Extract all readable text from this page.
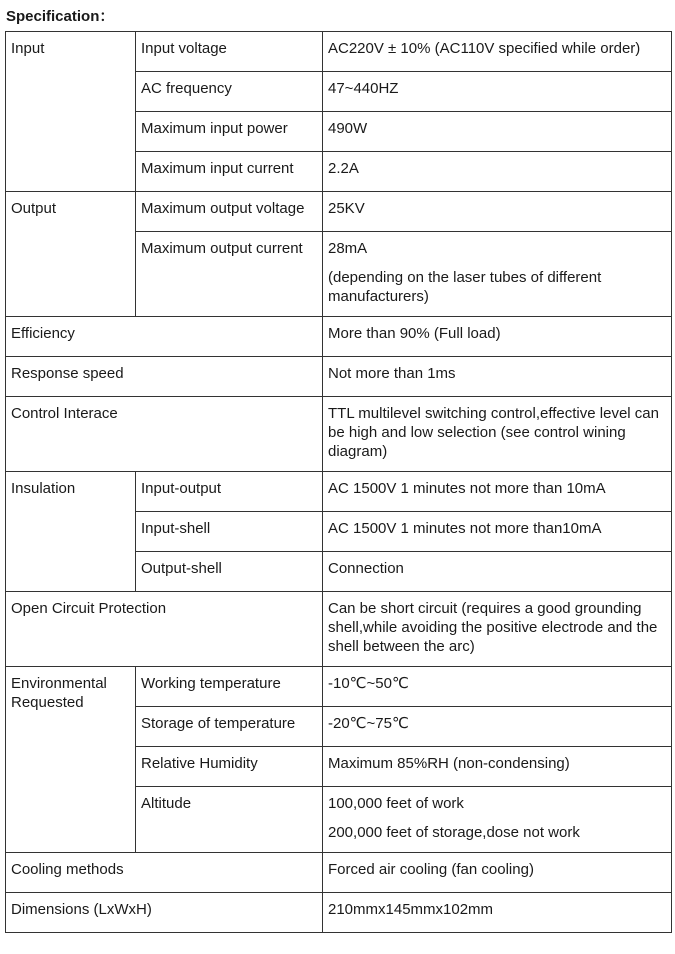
Specification：

Input	Input voltage	AC220V ± 10% (AC110V specified while order)
	AC frequency	47~440HZ
	Maximum input power	490W
	Maximum input current	2.2A
Output	Maximum output voltage	25KV
	Maximum output current	28mA

(depending on the laser tubes of different manufacturers)

Efficiency		More than 90% (Full load)
Response speed		Not more than 1ms
Control Interace		TTL multilevel switching control,effective level can be high and low selection (see control wining diagram)
Insulation	Input-output	AC 1500V 1 minutes not more than 10mA
	Input-shell	AC 1500V 1 minutes not more than10mA
	Output-shell	Connection
Open Circuit Protection		Can be short circuit (requires a good grounding shell,while avoiding the positive electrode and the shell between the arc)
Environmental Requested	Working temperature	-10℃~50℃
	Storage of temperature	-20℃~75℃
	Relative Humidity	Maximum 85%RH (non-condensing)
	Altitude	100,000 feet of work

200,000 feet of storage,dose not work

Cooling methods		Forced air cooling (fan cooling)
Dimensions (LxWxH)		210mmx145mmx102mm
